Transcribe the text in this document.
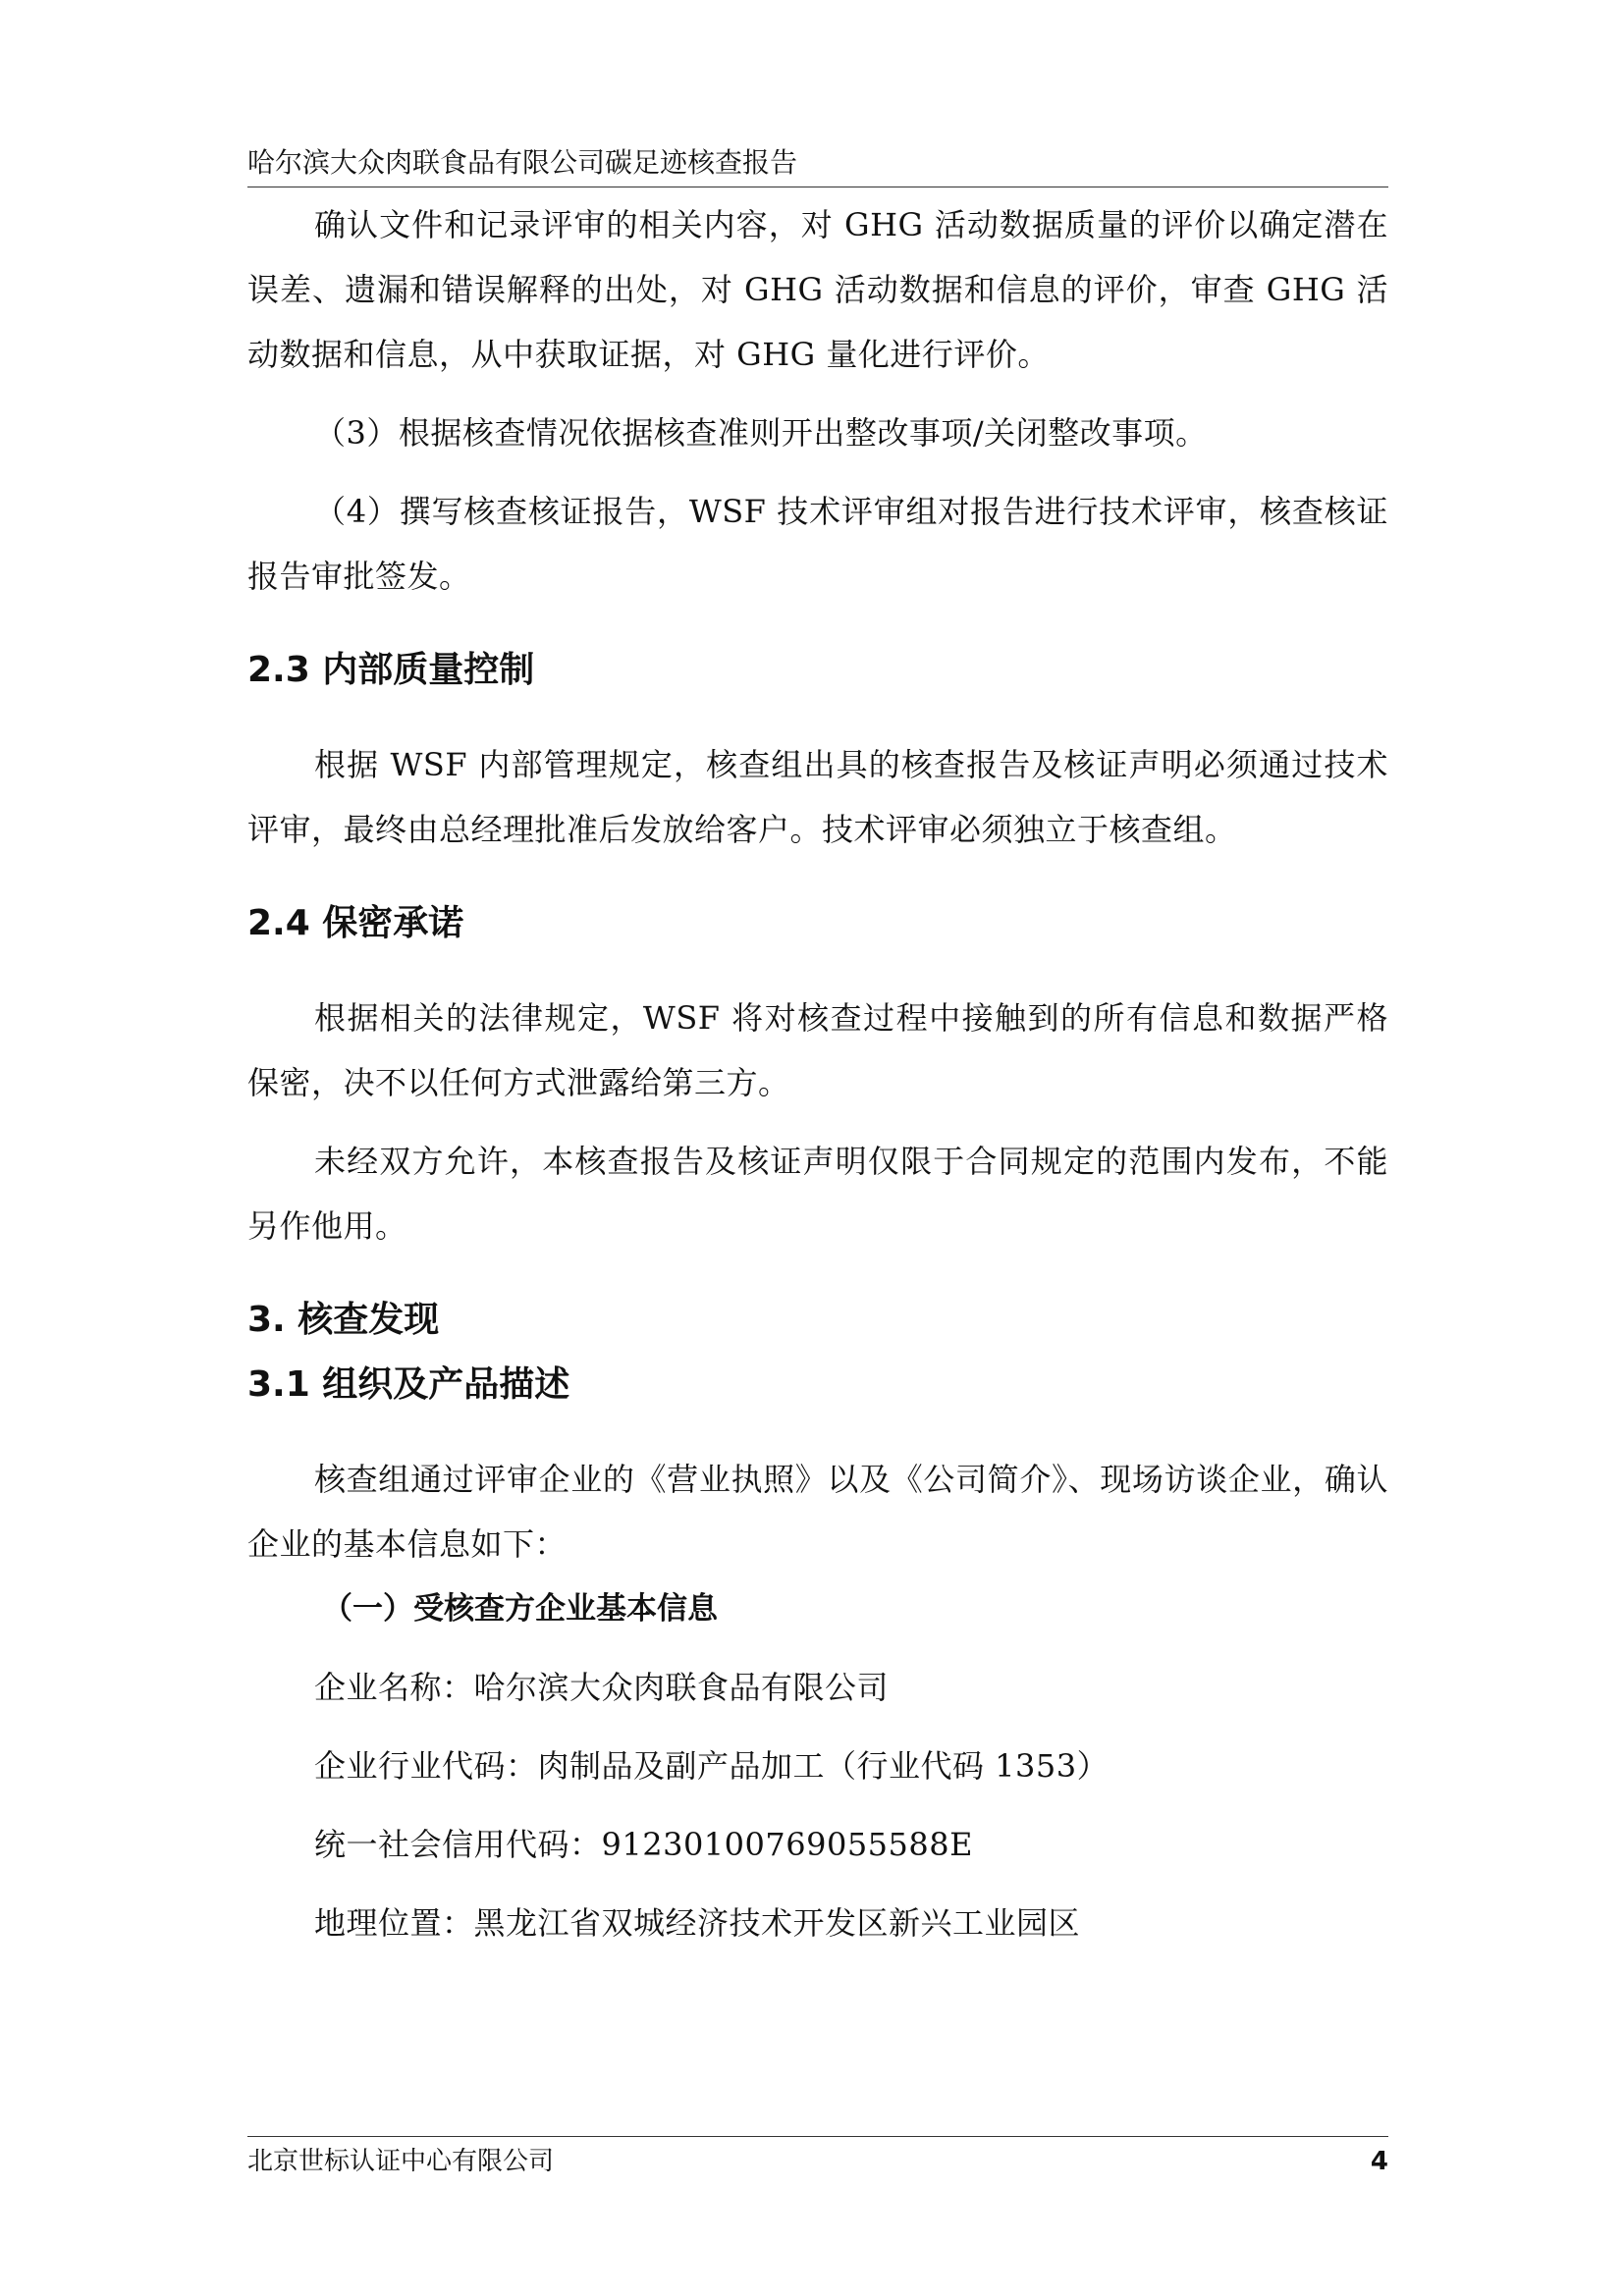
哈尔滨大众肉联食品有限公司碳足迹核查报告

确认文件和记录评审的相关内容，对 GHG 活动数据质量的评价以确定潜在误差、遗漏和错误解释的出处，对 GHG 活动数据和信息的评价，审查 GHG 活动数据和信息，从中获取证据，对 GHG 量化进行评价。

（3）根据核查情况依据核查准则开出整改事项/关闭整改事项。

（4）撰写核查核证报告，WSF 技术评审组对报告进行技术评审，核查核证报告审批签发。

2.3 内部质量控制

根据 WSF 内部管理规定，核查组出具的核查报告及核证声明必须通过技术评审，最终由总经理批准后发放给客户。技术评审必须独立于核查组。

2.4 保密承诺

根据相关的法律规定，WSF 将对核查过程中接触到的所有信息和数据严格保密，决不以任何方式泄露给第三方。

未经双方允许，本核查报告及核证声明仅限于合同规定的范围内发布，不能另作他用。

3. 核查发现
3.1 组织及产品描述

核查组通过评审企业的《营业执照》以及《公司简介》、现场访谈企业，确认企业的基本信息如下：

（一）受核查方企业基本信息

企业名称：哈尔滨大众肉联食品有限公司

企业行业代码：肉制品及副产品加工（行业代码 1353）

统一社会信用代码：91230100769055588E

地理位置：黑龙江省双城经济技术开发区新兴工业园区

北京世标认证中心有限公司	4
